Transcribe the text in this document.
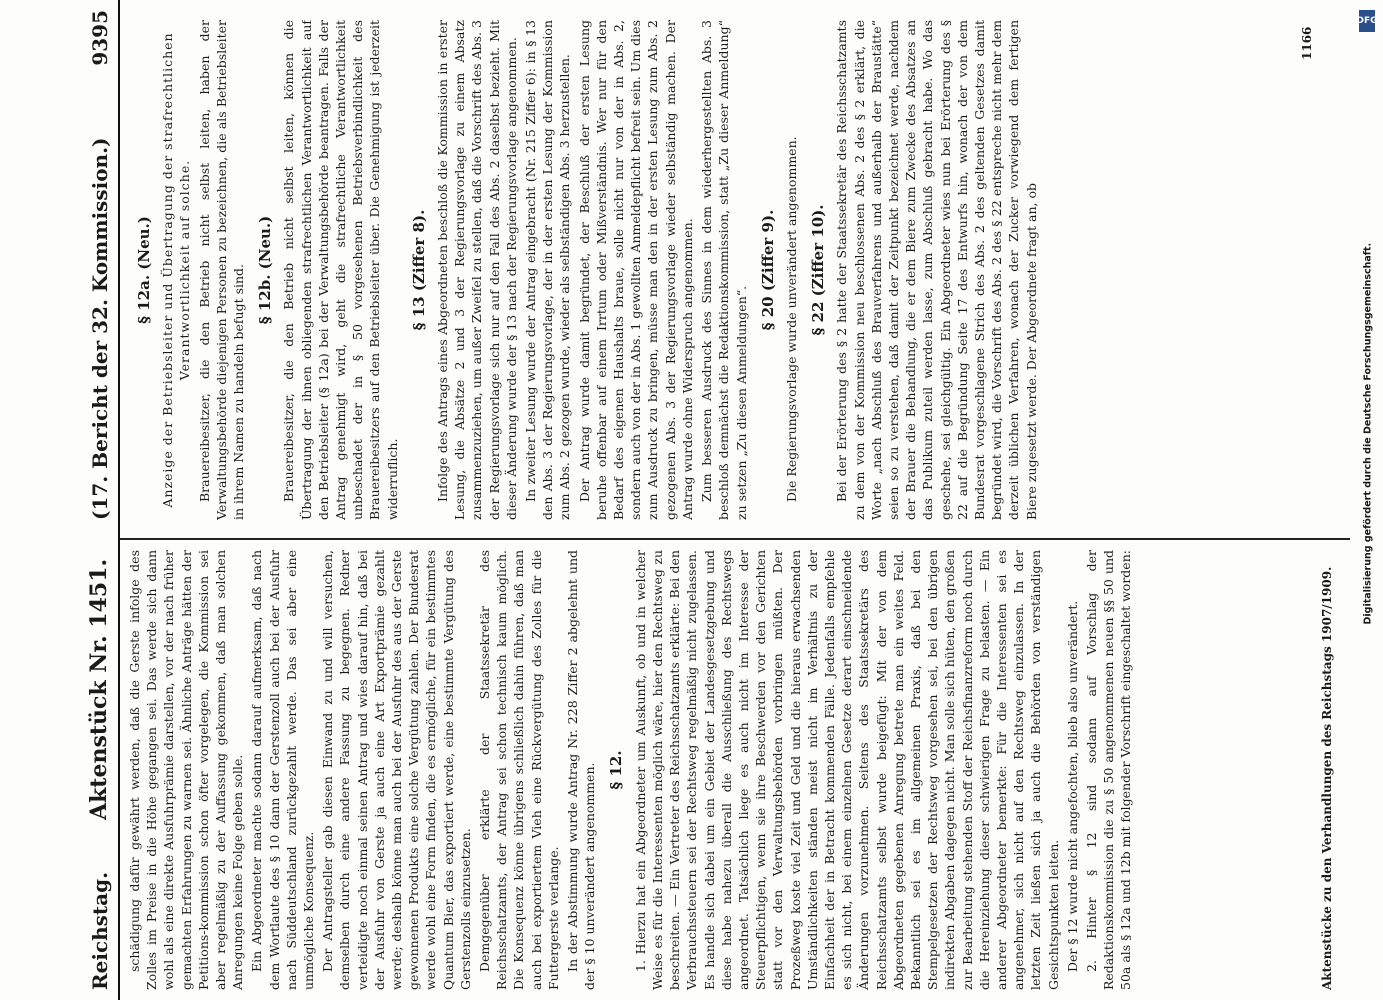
Reichstag.
Aktenstück Nr. 1451.
(17. Bericht der 32. Kommission.)
9395

schädigung dafür gewährt werden, daß die Gerste infolge des Zolles im Preise in die Höhe gegangen sei. Das werde sich dann wohl als eine direkte Ausfuhrprämie darstellen, vor der nach früher gemachten Erfahrungen zu warnen sei. Ähnliche Anträge hätten der Petitions-kommission schon öfter vorgelegen, die Kommission sei aber regelmäßig zu der Auffassung gekommen, daß man solchen Anregungen keine Folge geben solle. Ein Abgeordneter machte sodann darauf aufmerksam, daß nach dem Wortlaute des § 10 dann der Gerstenzoll auch bei der Ausfuhr nach Süddeutschland zurückgezahlt werde. Das sei aber eine unmögliche Konsequenz. Der Antragsteller gab diesen Einwand zu und will versuchen, demselben durch eine andere Fassung zu begegnen. Redner verteidigte noch einmal seinen Antrag und wies darauf hin, daß bei der Ausfuhr von Gerste ja auch eine Art Exportprämie gezahlt werde; deshalb könne man auch bei der Ausfuhr des aus der Gerste gewonnenen Produkts eine solche Vergütung zahlen. Der Bundesrat werde wohl eine Form finden, die es ermögliche, für ein bestimmtes Quantum Bier, das exportiert werde, eine bestimmte Vergütung des Gerstenzolls einzusetzen. Demgegenüber erklärte der Staatssekretär des Reichsschatzamts, der Antrag sei schon technisch kaum möglich. Die Konsequenz könne übrigens schließlich dahin führen, daß man auch bei exportiertem Vieh eine Rückvergütung des Zolles für die Futtergerste verlange. In der Abstimmung wurde Antrag Nr. 228 Ziffer 2 abgelehnt und der § 10 unverändert angenommen. § 12. 1. Hierzu hat ein Abgeordneter um Auskunft, ob und in welcher Weise es für die Interessenten möglich wäre, hier den Rechtsweg zu beschreiten. — Ein Vertreter des Reichsschatzamts erklärte: Bei den Verbrauchssteuern sei der Rechtsweg regelmäßig nicht zugelassen. Es handle sich dabei um ein Gebiet der Landesgesetzgebung und diese habe nahezu überall die Ausschließung des Rechtswegs angeordnet. Tatsächlich liege es auch nicht im Interesse der Steuerpflichtigen, wenn sie ihre Beschwerden vor den Gerichten statt vor den Verwaltungsbehörden vorbringen müßten. Der Prozeßweg koste viel Zeit und Geld und die hieraus erwachsenden Umständlichkeiten ständen meist nicht im Verhältnis zu der Einfachheit der in Betracht kommenden Fälle. Jedenfalls empfehle es sich nicht, bei einem einzelnen Gesetze derart einschneidende Änderungen vorzunehmen. Seitens des Staatssekretärs des Reichsschatzamts selbst wurde beigefügt: Mit der von dem Abgeordneten gegebenen Anregung betrete man ein weites Feld. Bekanntlich sei es im allgemeinen Praxis, daß bei den Stempelgesetzen der Rechtsweg vorgesehen sei, bei den übrigen indirekten Abgaben dagegen nicht. Man solle sich hüten, den großen zur Bearbeitung stehenden Stoff der Reichsfinanzreform noch durch die Hereinziehung dieser schwierigen Frage zu belasten. — Ein anderer Abgeordneter bemerkte: Für die Interessenten sei es angenehmer, sich nicht auf den Rechtsweg einzulassen. In der letzten Zeit ließen sich ja auch die Behörden von verständigen Gesichtspunkten leiten. Der § 12 wurde nicht angefochten, blieb also unverändert. 2. Hinter § 12 sind sodann auf Vorschlag der Redaktionskommission die zu § 50 angenommenen neuen §§ 50 und 50a als § 12a und 12b mit folgender Vorschrift eingeschaltet worden:

§ 12a. (Neu.) Anzeige der Betriebsleiter und Übertragung der strafrechtlichen Verantwortlichkeit auf solche. Brauereibesitzer, die den Betrieb nicht selbst leiten, haben der Verwaltungsbehörde diejenigen Personen zu bezeichnen, die als Betriebsleiter in ihrem Namen zu handeln befugt sind. § 12b. (Neu.) Brauereibesitzer, die den Betrieb nicht selbst leiten, können die Übertragung der ihnen obliegenden strafrechtlichen Verantwortlichkeit auf den Betriebsleiter (§ 12a) bei der Verwaltungsbehörde beantragen. Falls der Antrag genehmigt wird, geht die strafrechtliche Verantwortlichkeit unbeschadet der in § 50 vorgesehenen Betriebsverbindlichkeit des Brauereibesitzers auf den Betriebsleiter über. Die Genehmigung ist jederzeit widerruflich.

§ 13 (Ziffer 8). Infolge des Antrags eines Abgeordneten beschloß die Kommission in erster Lesung, die Absätze 2 und 3 der Regierungsvorlage zu einem Absatz zusammenzuziehen, um außer Zweifel zu stellen, daß die Vorschrift des Abs. 3 der Regierungsvorlage sich nur auf den Fall des Abs. 2 daselbst bezieht. Mit dieser Änderung wurde der § 13 nach der Regierungsvorlage angenommen. In zweiter Lesung wurde der Antrag eingebracht (Nr. 215 Ziffer 6): in § 13 den Abs. 3 der Regierungsvorlage, der in der ersten Lesung der Kommission zum Abs. 2 gezogen wurde, wieder als selbständigen Abs. 3 herzustellen. Der Antrag wurde damit begründet, der Beschluß der ersten Lesung beruhe offenbar auf einem Irrtum oder Mißverständnis. Wer nur für den Bedarf des eigenen Haushalts braue, solle nicht nur von der in Abs. 2, sondern auch von der in Abs. 1 gewollten Anmeldepflicht befreit sein. Um dies zum Ausdruck zu bringen, müsse man den in der ersten Lesung zum Abs. 2 gezogenen Abs. 3 der Regierungsvorlage wieder selbständig machen. Der Antrag wurde ohne Widerspruch angenommen. Zum besseren Ausdruck des Sinnes in dem wiederhergestellten Abs. 3 beschloß demnächst die Redaktionskommission, statt „Zu dieser Anmeldung“ zu setzen „Zu diesen Anmeldungen“.

§ 20 (Ziffer 9). Die Regierungsvorlage wurde unverändert angenommen. § 22 (Ziffer 10). Bei der Erörterung des § 2 hatte der Staatssekretär des Reichsschatzamts zu dem von der Kommission neu beschlossenen Abs. 2 des § 2 erklärt, die Worte „nach Abschluß des Brauverfahrens und außerhalb der Braustätte“ seien so zu verstehen, daß damit der Zeitpunkt bezeichnet werde, nachdem der Brauer die Behandlung, die er dem Biere zum Zwecke des Absatzes an das Publikum zuteil werden lasse, zum Abschluß gebracht habe. Wo das geschehe, sei gleichgültig. Ein Abgeordneter wies nun bei Erörterung des § 22 auf die Begründung Seite 17 des Entwurfs hin, wonach der von dem Bundesrat vorgeschlagene Strich des Abs. 2 des geltenden Gesetzes damit begründet wird, die Vorschrift des Abs. 2 des § 22 entspreche nicht mehr dem derzeit üblichen Verfahren, wonach der Zucker vorwiegend dem fertigen Biere zugesetzt werde. Der Abgeordnete fragt an, ob

Aktenstücke zu den Verhandlungen des Reichstags 1907/1909.
1166
DFG
Digitalisierung gefördert durch die Deutsche Forschungsgemeinschaft.
